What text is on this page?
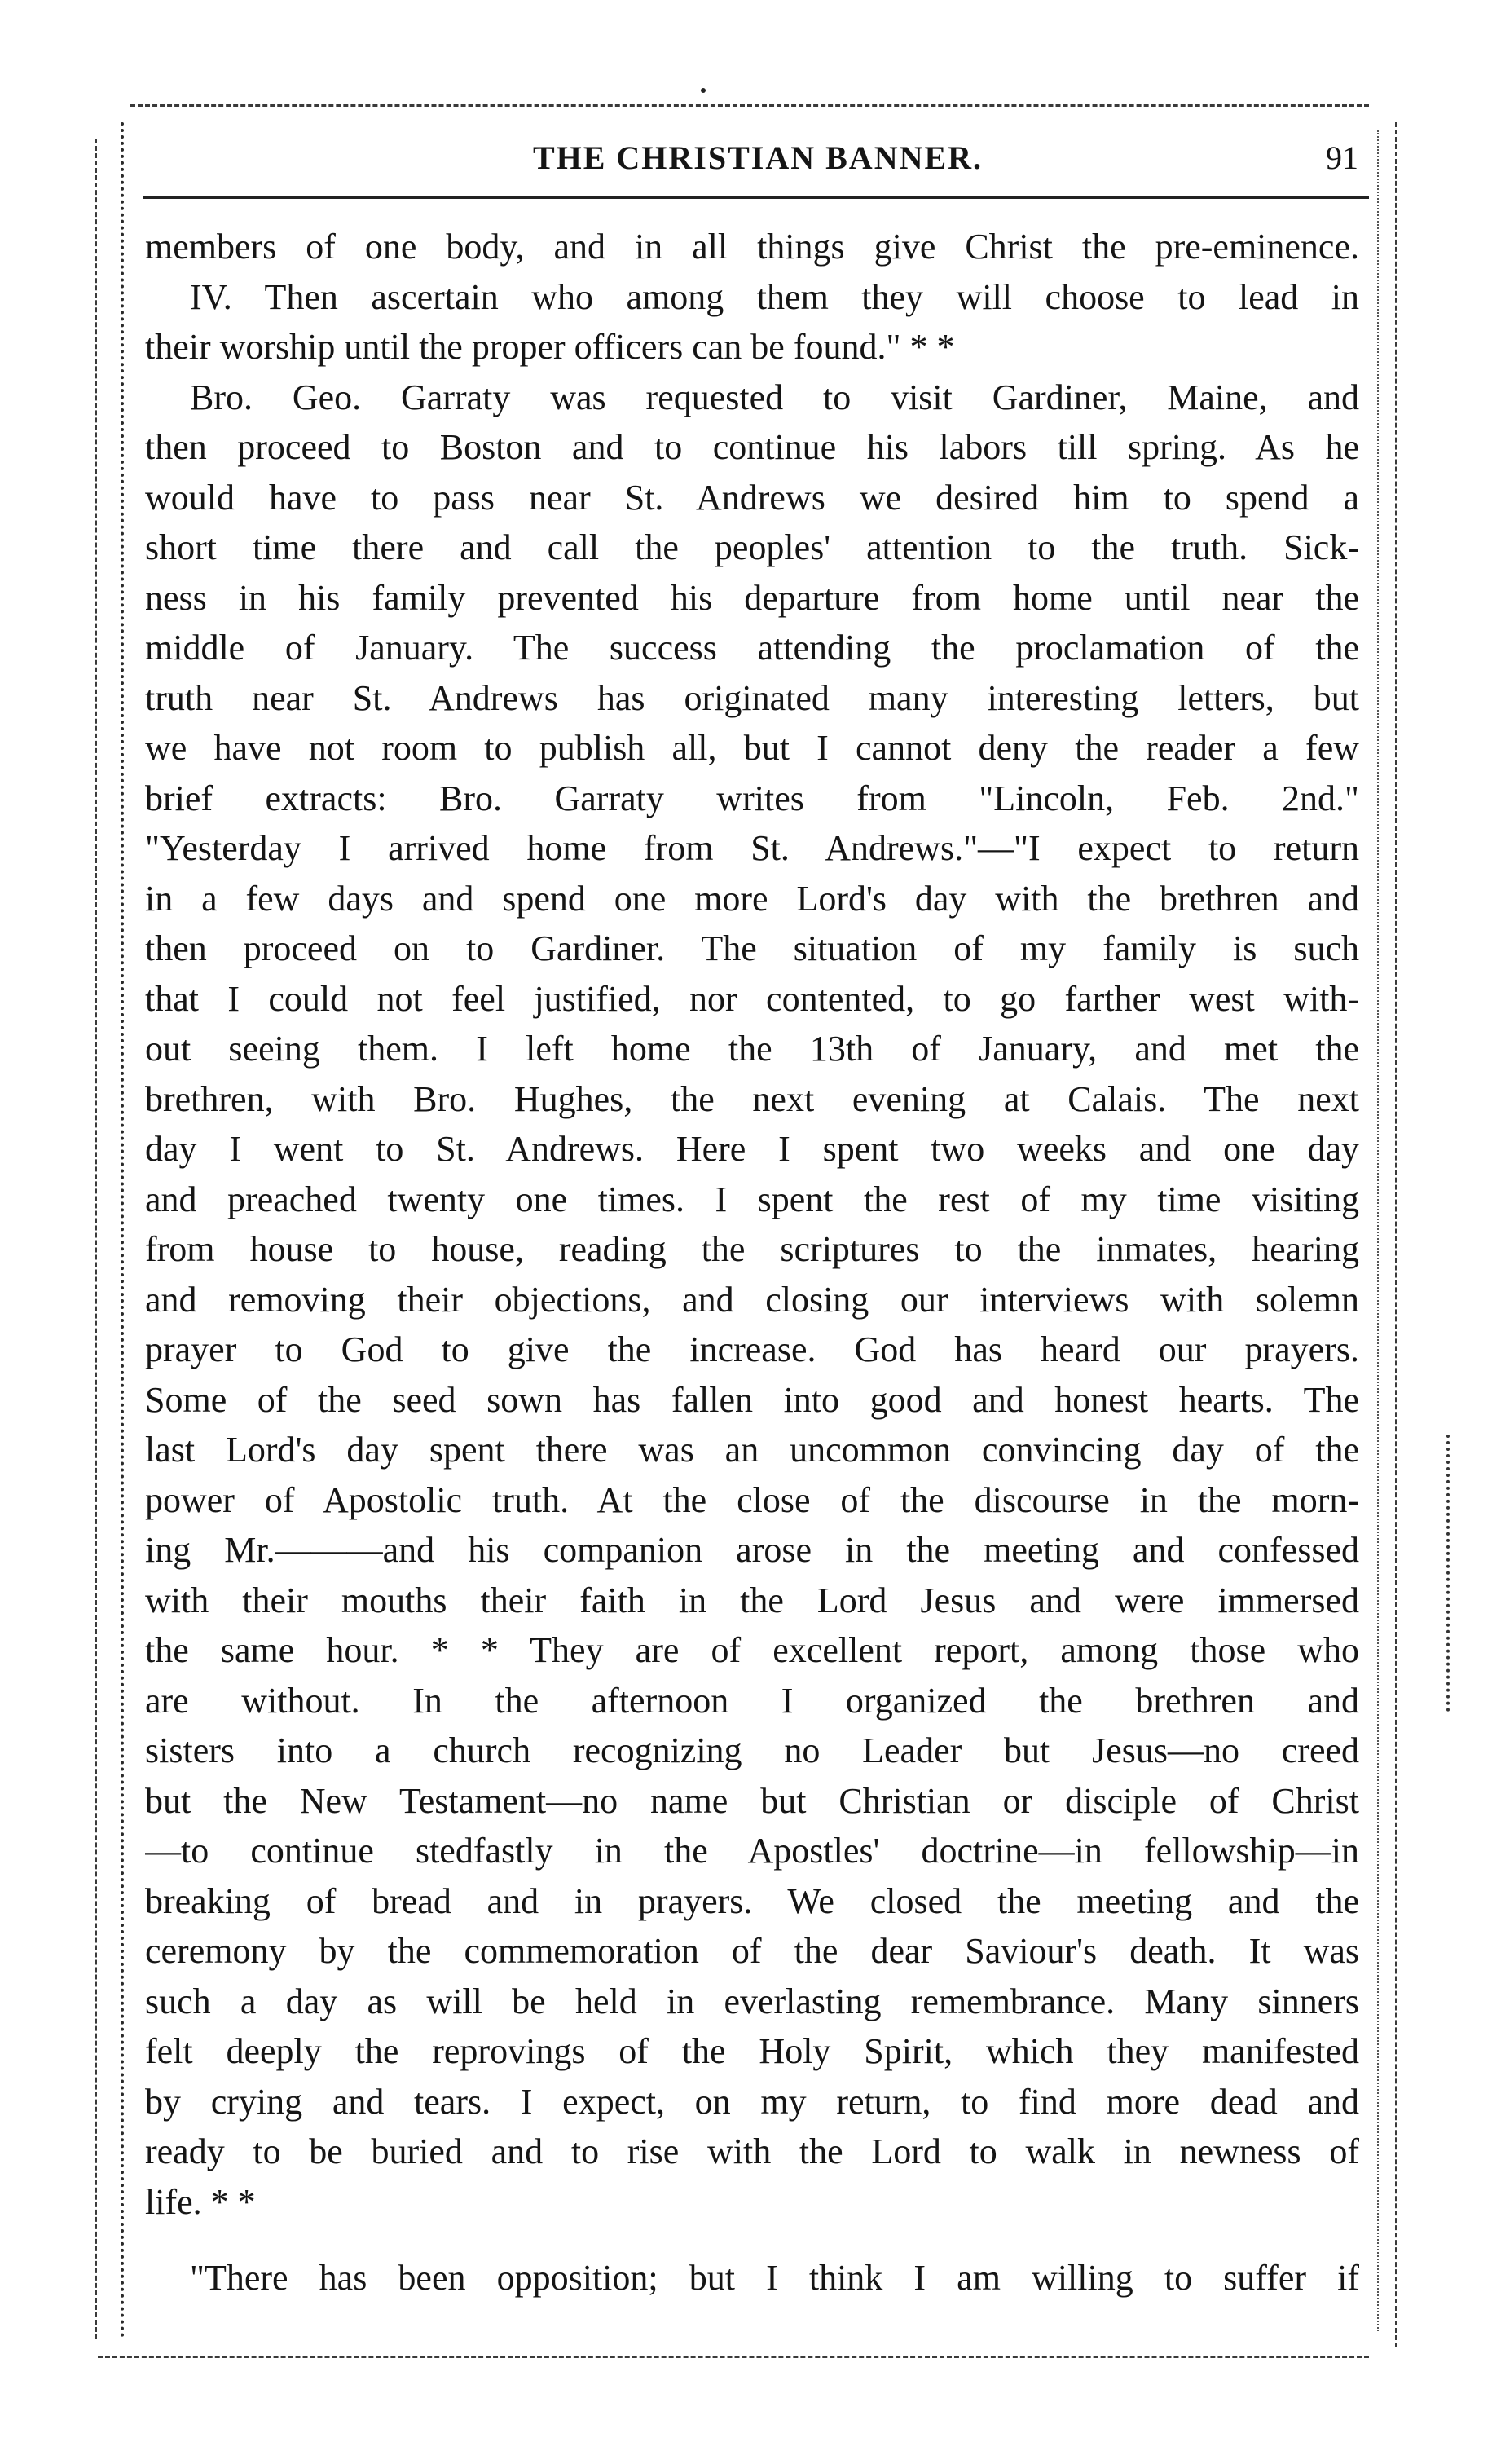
THE CHRISTIAN BANNER.	91
members of one body, and in all things give Christ the pre-eminence.
IV. Then ascertain who among them they will choose to lead in
their worship until the proper officers can be found." * *
Bro. Geo. Garraty was requested to visit Gardiner, Maine, and
then proceed to Boston and to continue his labors till spring. As he
would have to pass near St. Andrews we desired him to spend a
short time there and call the peoples' attention to the truth. Sick-
ness in his family prevented his departure from home until near the
middle of January. The success attending the proclamation of the
truth near St. Andrews has originated many interesting letters, but
we have not room to publish all, but I cannot deny the reader a few
brief extracts: Bro. Garraty writes from "Lincoln, Feb. 2nd."
"Yesterday I arrived home from St. Andrews."—"I expect to return
in a few days and spend one more Lord's day with the brethren and
then proceed on to Gardiner. The situation of my family is such
that I could not feel justified, nor contented, to go farther west with-
out seeing them. I left home the 13th of January, and met the
brethren, with Bro. Hughes, the next evening at Calais. The next
day I went to St. Andrews. Here I spent two weeks and one day
and preached twenty one times. I spent the rest of my time visiting
from house to house, reading the scriptures to the inmates, hearing
and removing their objections, and closing our interviews with solemn
prayer to God to give the increase. God has heard our prayers.
Some of the seed sown has fallen into good and honest hearts. The
last Lord's day spent there was an uncommon convincing day of the
power of Apostolic truth. At the close of the discourse in the morn-
ing Mr.———and his companion arose in the meeting and confessed
with their mouths their faith in the Lord Jesus and were immersed
the same hour. * * They are of excellent report, among those who
are without. In the afternoon I organized the brethren and
sisters into a church recognizing no Leader but Jesus—no creed
but the New Testament—no name but Christian or disciple of Christ
—to continue stedfastly in the Apostles' doctrine—in fellowship—in
breaking of bread and in prayers. We closed the meeting and the
ceremony by the commemoration of the dear Saviour's death. It was
such a day as will be held in everlasting remembrance. Many sinners
felt deeply the reprovings of the Holy Spirit, which they manifested
by crying and tears. I expect, on my return, to find more dead and
ready to be buried and to rise with the Lord to walk in newness of
life. * *
"There has been opposition; but I think I am willing to suffer if
